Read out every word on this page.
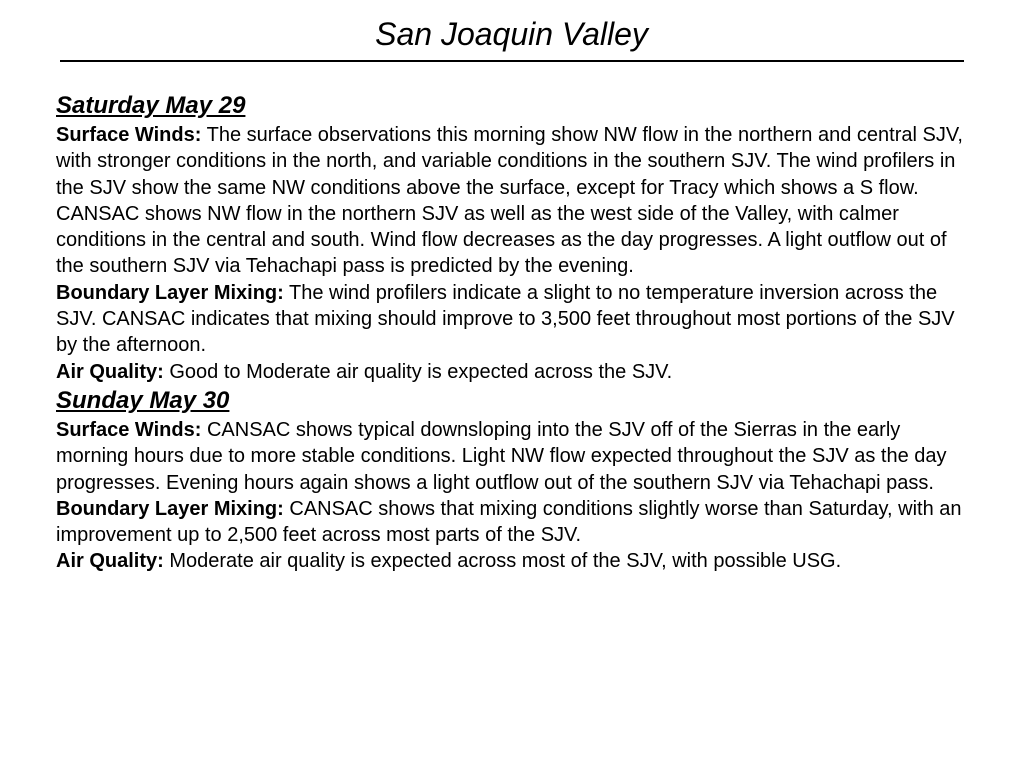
San Joaquin Valley
Saturday May 29

Surface Winds: The surface observations this morning show NW flow in the northern and central SJV, with stronger conditions in the north, and variable conditions in the southern SJV. The wind profilers in the SJV show the same NW conditions above the surface, except for Tracy which shows a S flow. CANSAC shows NW flow in the northern SJV as well as the west side of the Valley, with calmer conditions in the central and south. Wind flow decreases as the day progresses. A light outflow out of the southern SJV via Tehachapi pass is predicted by the evening.

Boundary Layer Mixing: The wind profilers indicate a slight to no temperature inversion across the SJV. CANSAC indicates that mixing should improve to 3,500 feet throughout most portions of the SJV by the afternoon.

Air Quality: Good to Moderate air quality is expected across the SJV.

Sunday May 30

Surface Winds: CANSAC shows typical downsloping into the SJV off of the Sierras in the early morning hours due to more stable conditions. Light NW flow expected throughout the SJV as the day progresses. Evening hours again shows a light outflow out of the southern SJV via Tehachapi pass.

Boundary Layer Mixing: CANSAC shows that mixing conditions slightly worse than Saturday, with an improvement up to 2,500 feet across most parts of the SJV.

Air Quality: Moderate air quality is expected across most of the SJV, with possible USG.
